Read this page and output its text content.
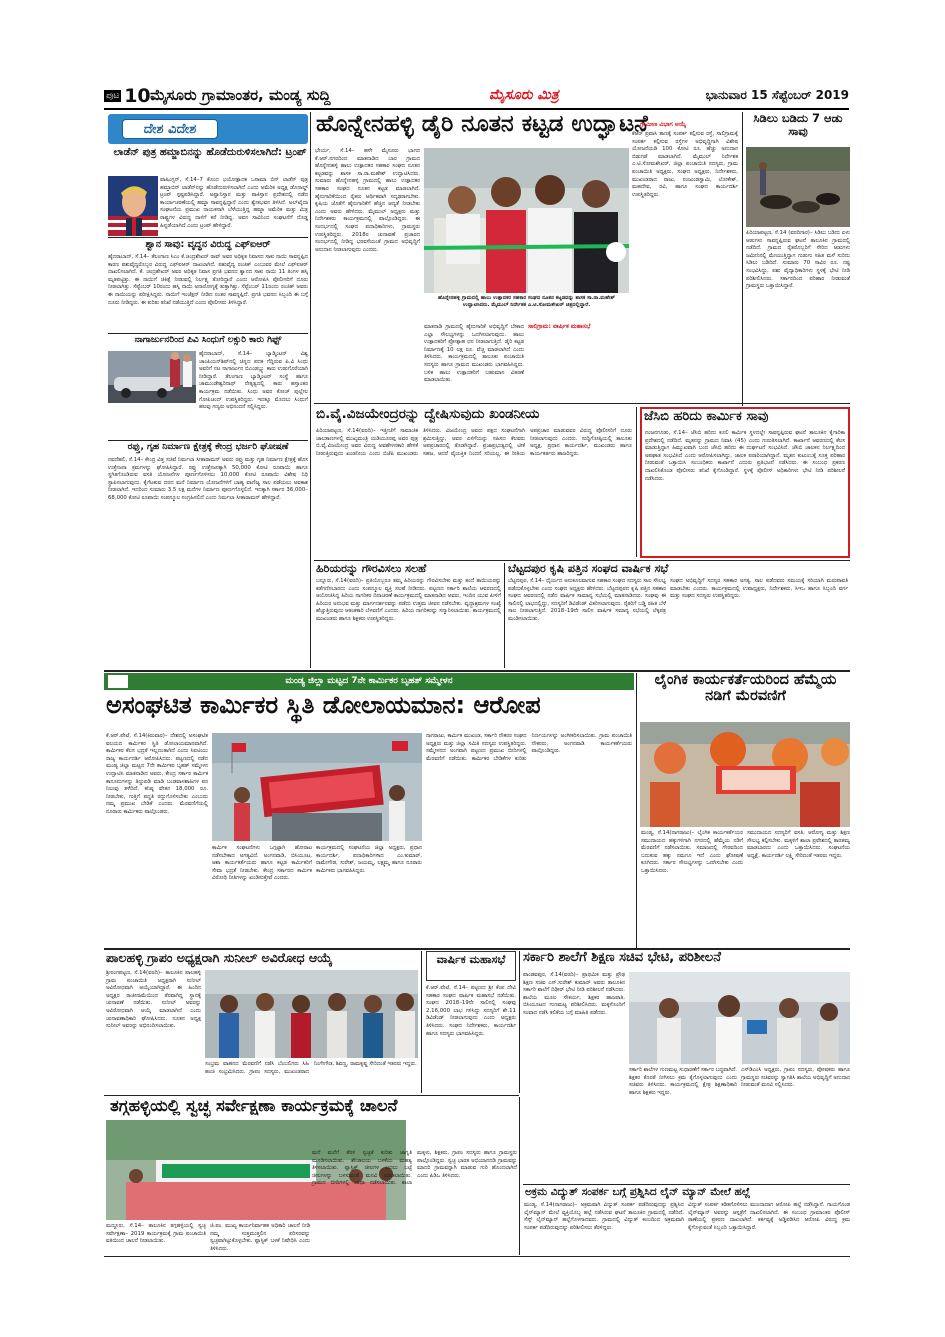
ಪುಟ 10 ಮೈಸೂರು ಗ್ರಾಮಾಂತರ, ಮಂಡ್ಯ ಸುದ್ದಿ	ಮೈಸೂರು ಮಿತ್ರ	ಭಾನುವಾರ 15 ಸೆಪ್ಟೆಂಬರ್ 2019
ದೇಶ ವಿದೇಶ
ಲಾಡೆನ್ ಪುತ್ರ ಹಮ್ಜಾಬಿನನ್ನು ಹೊಡೆದುರುಳಿಸಲಾಗಿದೆ: ಟ್ರಂಪ್
ವಾಷಿಂಗ್ಟನ್, ಸೆ.14–7 ಕೊಂದ ಭಯೋತ್ಪಾದಕ ಒಸಾಮಾ ಬಿನ್ ಲಾಡೆನ್ ಪುತ್ರ ಹಮ್ಜಾಬಿನ್ ಲಾಡೆನ್‌ನನ್ನು ಹೊಡೆದುರುಳಿಸಲಾಗಿದೆ ಎಂದು ಅಮೆರಿಕ ಅಧ್ಯಕ್ಷ ಡೊನಾಲ್ಡ್ ಟ್ರಂಪ್ ಸ್ಪಷ್ಟಪಡಿಸಿದ್ದಾರೆ. ಅಫ್ಘಾನಿಸ್ತಾನ ಮತ್ತು ಪಾಕಿಸ್ತಾನ ಪ್ರದೇಶದಲ್ಲಿ ನಡೆದ ಕಾರ್ಯಾಚರಣೆಯಲ್ಲಿ ಹಮ್ಜಾ ಸಾವನ್ನಪ್ಪಿದ್ದಾನೆ ಎಂದು ಶ್ವೇತಭವನ ತಿಳಿಸಿದೆ. ಅಲ್‌ಖೈದಾ ಸಂಘಟನೆಯ ಪ್ರಮುಖ ನಾಯಕನಾಗಿ ಬೆಳೆಯುತ್ತಿದ್ದ ಹಮ್ಜಾ ಅಮೆರಿಕ ಮತ್ತು ಮಿತ್ರ ರಾಷ್ಟ್ರಗಳ ವಿರುದ್ಧ ದಾಳಿಗೆ ಕರೆ ನೀಡಿದ್ದ. ಅವನ ಸಾವಿನಿಂದ ಸಂಘಟನೆಗೆ ದೊಡ್ಡ ಹಿನ್ನಡೆಯಾಗಿದೆ ಎಂದು ಟ್ರಂಪ್ ಹೇಳಿದ್ದಾರೆ.
ಶ್ವಾನ ಸಾವು: ವೃದ್ಧನ ವಿರುದ್ಧ ಎಫ್ಐಆರ್
ಹೈದರಾಬಾದ್, ಸೆ.14– ತೆಲಂಗಾಣ ಸಿಎಂ ಕೆ.ಚಂದ್ರಶೇಖರ್ ರಾವ್ ಅವರ ಅಧಿಕೃತ ನಿವಾಸದ ಸಾಕು ನಾಯಿ ಸಾವನ್ನಪ್ಪಿದ ಕಾರಣ ಪಶುವೈದ್ಯರೊಬ್ಬರ ವಿರುದ್ಧ ಎಫ್ಐಆರ್ ದಾಖಲಾಗಿದೆ. ಪಶುವೈದ್ಯ ರಂಜಿತ್ ಎಂಬುವರ ಮೇಲೆ ಎಫ್ಐಆರ್ ದಾಖಲಿಸಲಾಗಿದೆ. ಕೆ. ಚಂದ್ರಶೇಖರ್ ಅವರ ಅಧಿಕೃತ ನಿವಾಸ ಪ್ರಗತಿ ಭವನದ ಶ್ವಾನದ ಸಾಕು ನಾಯಿ 11 ತಿಂಗಳ ಹಸ್ಕಿ ಮೃತಪಟ್ಟಿತ್ತು. ಈ ನಾಯಿಗೆ ಚಿಕಿತ್ಸೆ ನೀಡುವಲ್ಲಿ ನಿರ್ಲಕ್ಷ್ಯ ತೋರಿದ್ದಾರೆ ಎಂದು ಆರೋಪಿಸಿ ಪೊಲೀಸರಿಗೆ ದೂರು ನೀಡಲಾಗಿತ್ತು. ಸೆಪ್ಟೆಂಬರ್ 10ರಂದು ಹಸ್ಕಿ ನಾಯಿ ಅನಾರೋಗ್ಯಕ್ಕೆ ತುತ್ತಾಗಿತ್ತು. ಸೆಪ್ಟೆಂಬರ್ 11ರಂದು ರಂಜಿತ್ ಅವರು ಈ ನಾಯಿಯನ್ನು ಪರೀಕ್ಷಿಸಿದ್ದರು. ನಾಯಿಗೆ ಇಂಜೆಕ್ಷನ್ ನೀಡಿದ ನಂತರ ಸಾವನ್ನಪ್ಪಿದೆ. ಪ್ರಗತಿ ಭವನದ ಸಿಬ್ಬಂದಿ ಈ ಬಗ್ಗೆ ದೂರು ನೀಡಿದ್ದರು. ಈ ಕುರಿತು ತನಿಖೆ ನಡೆಯುತ್ತಿದೆ ಎಂದು ಪೊಲೀಸರು ತಿಳಿಸಿದ್ದಾರೆ.
ನಾಗಾರ್ಜುನರಿಂದ ಪಿವಿ ಸಿಂಧುಗೆ ಲಕ್ಸುರಿ ಕಾರು ಗಿಫ್ಟ್
ಹೈದರಾಬಾದ್, ಸೆ.14– ಬ್ಯಾಡ್ಮಿಂಟನ್ ವಿಶ್ವ ಚಾಂಪಿಯನ್‌ಶಿಪ್‌ನಲ್ಲಿ ಚಿನ್ನದ ಪದಕ ಗೆದ್ದಿರುವ ಪಿ.ವಿ ಸಿಂಧು ಅವರಿಗೆ ನಟ ನಾಗಾರ್ಜುನ ಬಿಎಂಡಬ್ಲ್ಯು ಕಾರು ಉಡುಗೊರೆಯಾಗಿ ನೀಡಿದ್ದಾರೆ. ತೆಲಂಗಾಣ ಬ್ಯಾಡ್ಮಿಂಟನ್ ಸಂಸ್ಥೆ ಹಾಗೂ ಚಾಮುಂಡೇಶ್ವರಿನಾಥ್ ನೇತೃತ್ವದಲ್ಲಿ ಕಾರು ಹಸ್ತಾಂತರ ಕಾರ್ಯಕ್ರಮ ನಡೆಯಿತು. ಸಿಂಧು ಅವರ ಕೋಚ್ ಪುಲ್ಲೇಲ ಗೋಪಿಚಂದ್ ಉಪಸ್ಥಿತರಿದ್ದರು. ಇದಕ್ಕೂ ಮೊದಲು ಸಿಂಧುಗೆ ಹಲವು ಗಣ್ಯರು ಅಭಿನಂದನೆ ಸಲ್ಲಿಸಿದ್ದರು.
ರಫ್ತು, ಗೃಹ ನಿರ್ಮಾಣ ಕ್ಷೇತ್ರಕ್ಕೆ ಕೇಂದ್ರ ಭರ್ಜರಿ ಘೋಷಣೆ
ನವದೆಹಲಿ, ಸೆ.14– ಕೇಂದ್ರ ವಿತ್ತ ಸಚಿವೆ ನಿರ್ಮಲಾ ಸೀತಾರಾಮನ್ ಅವರು ರಫ್ತು ಮತ್ತು ಗೃಹ ನಿರ್ಮಾಣ ಕ್ಷೇತ್ರಕ್ಕೆ ಹೊಸ ಉತ್ತೇಜನಾ ಕ್ರಮಗಳನ್ನು ಘೋಷಿಸಿದ್ದಾರೆ. ರಫ್ತು ಉತ್ತೇಜನಕ್ಕಾಗಿ 50,000 ಕೋಟಿ ರೂಪಾಯಿ ಹಾಗೂ ಸ್ಥಗಿತಗೊಂಡಿರುವ ವಸತಿ ಯೋಜನೆಗಳ ಪೂರ್ಣಗೊಳಿಸಲು 10,000 ಕೋಟಿ ರೂಪಾಯಿ ವಿಶೇಷ ನಿಧಿ ಸ್ಥಾಪಿಸಲಾಗುವುದು. ಕೈಗೆಟಕುವ ದರದ ಮನೆ ನಿರ್ಮಾಣ ಯೋಜನೆಗಳಿಗೆ ಬಾಹ್ಯ ವಾಣಿಜ್ಯ ಸಾಲ ಪಡೆಯಲು ಅವಕಾಶ ನೀಡಲಾಗಿದೆ. ಇದರಿಂದ ಸುಮಾರು 3.5 ಲಕ್ಷ ಮನೆಗಳ ನಿರ್ಮಾಣ ಪೂರ್ಣಗೊಳ್ಳಲಿದೆ. ಇದಕ್ಕಾಗಿ ಸರ್ಕಾರ 36,000–68,000 ಕೋಟಿ ರೂಪಾಯಿ ಸಂಪನ್ಮೂಲ ಸಂಗ್ರಹಿಸಲಿದೆ ಎಂದು ನಿರ್ಮಲಾ ಸೀತಾರಾಮನ್ ಹೇಳಿದ್ದಾರೆ.
ಹೊನ್ನೇನಹಳ್ಳಿ ಡೈರಿ ನೂತನ ಕಟ್ಟಡ ಉದ್ಘಾಟನೆ
ಭೇರ್ಯ, ಸೆ.14– ಹಳೇ ಮೈಸೂರು ಭಾಗದ ಕೆ.ಆರ್.ನಗರದಿಂದ ಮಾತನಾಡಿದ ಬಾರ ಗ್ರಾಮದ ಹೊನ್ನೇನಹಳ್ಳಿ ಹಾಲು ಉತ್ಪಾದಕರ ಸಹಕಾರ ಸಂಘದ ನೂತನ ಕಟ್ಟಡವನ್ನು ಶಾಸಕ ಸಾ.ರಾ.ಮಹೇಶ್ ಉದ್ಘಾಟಿಸಿದರು. ಸುಮಾರು ಹೊನ್ನೇನಹಳ್ಳಿ ಗ್ರಾಮದಲ್ಲಿ ಹಾಲು ಉತ್ಪಾದಕರ ಸಹಕಾರ ಸಂಘದ ನೂತನ ಕಟ್ಟಡ ಮಾಡಲಾಗಿದೆ. ಹೈನುಗಾರಿಕೆಯಿಂದ ರೈತರು ಆರ್ಥಿಕವಾಗಿ ಸದೃಢರಾಗಬೇಕು. ಕೃಷಿಯ ಜೊತೆಗೆ ಹೈನುಗಾರಿಕೆಗೆ ಹೆಚ್ಚಿನ ಆದ್ಯತೆ ನೀಡಬೇಕು ಎಂದು ಅವರು ಹೇಳಿದರು. ಮೈಮುಲ್ ಅಧ್ಯಕ್ಷರು ಮತ್ತು ನಿರ್ದೇಶಕರು ಕಾರ್ಯಕ್ರಮದಲ್ಲಿ ಪಾಲ್ಗೊಂಡಿದ್ದರು. ಈ ಸಂದರ್ಭದಲ್ಲಿ ಸಂಘದ ಪದಾಧಿಕಾರಿಗಳು, ಗ್ರಾಮಸ್ಥರು ಉಪಸ್ಥಿತರಿದ್ದರು. 2018ರ ಚುನಾವಣೆ ಪ್ರಚಾರದ ಸಂದರ್ಭದಲ್ಲಿ ನೀಡಿದ್ದ ಭರವಸೆಯಂತೆ ಗ್ರಾಮದ ಅಭಿವೃದ್ಧಿಗೆ ಅನುದಾನ ನೀಡಲಾಗುವುದು ಎಂದರು.
ಹೊನ್ನೇನಹಳ್ಳಿ ಗ್ರಾಮದಲ್ಲಿ ಹಾಲು ಉತ್ಪಾದಕರ ಸಹಕಾರ ಸಂಘದ ನೂತನ ಕಟ್ಟಡವನ್ನು ಶಾಸಕ ಸಾ.ರಾ.ಮಹೇಶ್ ಉದ್ಘಾಟಿಸಿದರು. ಮೈಮುಲ್ ನಿರ್ದೇಶಕ ಎ.ಟಿ.ಸೋಮಶೇಖರ್ ಚಿತ್ರದಲ್ಲಿದ್ದಾರೆ.
ಮಾತನಾಡಿ ಗ್ರಾಮದಲ್ಲಿ ಹೈನುಗಾರಿಕೆ ಅಭಿವೃದ್ಧಿಗೆ ಬೇಕಾದ ಎಲ್ಲಾ ಸೌಲಭ್ಯಗಳನ್ನು ಒದಗಿಸಲಾಗುವುದು. ಹಾಲು ಉತ್ಪಾದಕರಿಗೆ ಪ್ರೋತ್ಸಾಹ ಧನ ನೀಡಲಾಗುತ್ತಿದೆ. ಡೈರಿ ಕಟ್ಟಡ ನಿರ್ಮಾಣಕ್ಕೆ 10 ಲಕ್ಷ ರೂ. ವೆಚ್ಚ ಮಾಡಲಾಗಿದೆ ಎಂದು ತಿಳಿಸಿದರು. ಕಾರ್ಯಕ್ರಮದಲ್ಲಿ ತಾಲೂಕು ಪಂಚಾಯಿತಿ ಸದಸ್ಯರು ಹಾಗೂ ಗ್ರಾಮದ ಮುಖಂಡರು ಭಾಗವಹಿಸಿದ್ದರು. ಬಳಿಕ ಹಾಲು ಉತ್ಪಾದಕರಿಗೆ ಬಹುಮಾನ ವಿತರಣೆ ಮಾಡಲಾಯಿತು.
ಸಾಲಿಗ್ರಾಮ: ವಾರ್ಷಿಕ ಮಹಾಸಭೆ
ಗ್ರಾಮೀಣ ವಿಭಾಗ ಆಯ್ಕೆ
ಕೆಆರ್ ಪ್ರವಾಸಿ ತಾಣಕ್ಕೆ ಸಂಪರ್ಕ ಕಲ್ಪಿಸುವ ರಸ್ತೆ, ಸಾಲಿಗ್ರಾಮಕ್ಕೆ ಸಂಪರ್ಕ ಕಲ್ಪಿಸುವ ರಸ್ತೆಗಳ ಅಭಿವೃದ್ಧಿಗಾಗಿ ವಿಶೇಷ ಯೋಜನೆಯಡಿ 100 ಕೋಟಿ ರೂ. ಹೆಚ್ಚು ಅನುದಾನ ಬಿಡುಗಡೆ ಮಾಡಲಾಗಿದೆ. ಮೈಮುಲ್ ನಿರ್ದೇಶಕ ಎ.ಟಿ.ಸೋಮಶೇಖರ್, ಜಿಲ್ಲಾ ಪಂಚಾಯಿತಿ ಸದಸ್ಯರು, ಗ್ರಾಮ ಪಂಚಾಯಿತಿ ಅಧ್ಯಕ್ಷರು, ಸಂಘದ ಅಧ್ಯಕ್ಷರು, ನಿರ್ದೇಶಕರು, ಮುಖಂಡರಾದ ರಾಜು, ನಂಜುಂಡಸ್ವಾಮಿ, ಲೋಕೇಶ್, ಮಹದೇವ, ರವಿ, ಹಾಗೂ ಸಂಘದ ಕಾರ್ಯದರ್ಶಿ ಉಪಸ್ಥಿತರಿದ್ದರು.
ಸಿಡಿಲು ಬಡಿದು 7 ಆಡು ಸಾವು
ಪಿರಿಯಾಪಟ್ಟಣ, ಸೆ.14 (ವರದಿಗಾರ)– ಸಿಡಿಲು ಬಡಿದು ಏಳು ಆಡುಗಳು ಸಾವನ್ನಪ್ಪಿರುವ ಘಟನೆ ತಾಲೂಕಿನ ಗ್ರಾಮದಲ್ಲಿ ನಡೆದಿದೆ. ಗ್ರಾಮದ ರೈತರೊಬ್ಬರಿಗೆ ಸೇರಿದ ಆಡುಗಳು ಜಮೀನಿನಲ್ಲಿ ಮೇಯುತ್ತಿದ್ದಾಗ ಗುಡುಗು ಸಹಿತ ಮಳೆ ಸುರಿದು ಸಿಡಿಲು ಬಡಿದಿದೆ. ಸುಮಾರು 70 ಸಾವಿರ ರೂ. ನಷ್ಟ ಸಂಭವಿಸಿದ್ದು, ಪಶು ವೈದ್ಯಾಧಿಕಾರಿಗಳು ಸ್ಥಳಕ್ಕೆ ಭೇಟಿ ನೀಡಿ ಪರಿಶೀಲಿಸಿದರು. ಸರ್ಕಾರದಿಂದ ಪರಿಹಾರ ನೀಡುವಂತೆ ಗ್ರಾಮಸ್ಥರು ಒತ್ತಾಯಿಸಿದ್ದಾರೆ.
ಬಿ.ವೈ.ವಿಜಯೇಂದ್ರರನ್ನು ದ್ವೇಷಿಸುವುದು ಖಂಡನೀಯ
ಪಿರಿಯಾಪಟ್ಟಣ, ಸೆ.14(ವರದಿ)– ಇತ್ತೀಚೆಗೆ ಸಾಮಾಜಿಕ ಜಾಲತಾಣಗಳಲ್ಲಿ ಮುಖ್ಯಮಂತ್ರಿ ಯಡಿಯೂರಪ್ಪ ಅವರ ಪುತ್ರ ಬಿ.ವೈ.ವಿಜಯೇಂದ್ರ ಅವರ ವಿರುದ್ಧ ಅವಹೇಳನಕಾರಿ ಹೇಳಿಕೆ ನೀಡುತ್ತಿರುವುದು ಖಂಡನೀಯ ಎಂದು ಬಿಜೆಪಿ ಮುಖಂಡರು ತಿಳಿಸಿದರು. ವಿಜಯೇಂದ್ರ ಅವರು ಪಕ್ಷದ ಸಂಘಟನೆಗಾಗಿ ಶ್ರಮಿಸುತ್ತಿದ್ದು, ಅವರ ಏಳಿಗೆಯನ್ನು ಸಹಿಸದ ಕೆಲವರು ಅಪಪ್ರಚಾರದಲ್ಲಿ ತೊಡಗಿದ್ದಾರೆ. ಪ್ರಜಾಪ್ರಭುತ್ವದಲ್ಲಿ ಟೀಕೆ ಸಹಜ, ಆದರೆ ವೈಯಕ್ತಿಕ ನಿಂದನೆ ಸರಿಯಲ್ಲ. ಈ ರೀತಿಯ ಅಪಪ್ರಚಾರ ಮಾಡುವವರ ವಿರುದ್ಧ ಪೊಲೀಸರಿಗೆ ದೂರು ನೀಡಲಾಗುವುದು ಎಂದರು. ಸುದ್ದಿಗೋಷ್ಠಿಯಲ್ಲಿ ತಾಲೂಕು ಅಧ್ಯಕ್ಷ, ಪ್ರಧಾನ ಕಾರ್ಯದರ್ಶಿ, ಮುಖಂಡರು ಹಾಗೂ ಕಾರ್ಯಕರ್ತರು ಹಾಜರಿದ್ದರು.
ಜೆಸಿಬಿ ಹರಿದು ಕಾರ್ಮಿಕ ಸಾವು
ನಂಜನಗೂಡು, ಸೆ.14– ಜೆಸಿಬಿ ಹರಿದು ಕೂಲಿ ಕಾರ್ಮಿಕ ಸ್ಥಳದಲ್ಲೇ ಸಾವನ್ನಪ್ಪಿರುವ ಘಟನೆ ತಾಲೂಕಿನ ಕೈಗಾರಿಕಾ ಪ್ರದೇಶದಲ್ಲಿ ನಡೆದಿದೆ. ಮೃತನನ್ನು ಗ್ರಾಮದ ನಿವಾಸಿ (45) ಎಂದು ಗುರುತಿಸಲಾಗಿದೆ. ಕಾರ್ಖಾನೆ ಆವರಣದಲ್ಲಿ ಕೆಲಸ ಮಾಡುತ್ತಿದ್ದಾಗ ಹಿಮ್ಮುಖವಾಗಿ ಬಂದ ಜೆಸಿಬಿ ಹರಿದು ಈ ದುರ್ಘಟನೆ ಸಂಭವಿಸಿದೆ. ಜೆಸಿಬಿ ಚಾಲಕನ ನಿರ್ಲಕ್ಷ್ಯದಿಂದ ಅಪಘಾತ ಸಂಭವಿಸಿದೆ ಎಂದು ಆರೋಪಿಸಲಾಗಿದ್ದು, ಚಾಲಕ ಪರಾರಿಯಾಗಿದ್ದಾನೆ. ಮೃತನ ಕುಟುಂಬಕ್ಕೆ ಸೂಕ್ತ ಪರಿಹಾರ ನೀಡುವಂತೆ ಒತ್ತಾಯಿಸಿ ಸಂಬಂಧಿಕರು ಕಾರ್ಖಾನೆ ಎದುರು ಪ್ರತಿಭಟನೆ ನಡೆಸಿದರು. ಈ ಸಂಬಂಧ ಪ್ರಕರಣ ದಾಖಲಿಸಿಕೊಂಡ ಪೊಲೀಸರು ತನಿಖೆ ಕೈಗೊಂಡಿದ್ದಾರೆ. ಸ್ಥಳಕ್ಕೆ ಪೊಲೀಸ್ ಅಧಿಕಾರಿಗಳು ಭೇಟಿ ನೀಡಿ ಪರಿಶೀಲನೆ ನಡೆಸಿದರು.
ಹಿರಿಯರನ್ನು ಗೌರವಿಸಲು ಸಲಹೆ
ಬನ್ನೂರು, ಸೆ.14(ವರದಿ)– ಪ್ರತಿಯೊಬ್ಬರೂ ತಮ್ಮ ಹಿರಿಯರನ್ನು ಗೌರವಿಸಬೇಕು ಮತ್ತು ತಂದೆ ತಾಯಿಯರನ್ನು ಕಡೆಗಣಿಸಬಾರದು ಎಂದು ಸಂಪನ್ಮೂಲ ವ್ಯಕ್ತಿ ಸಲಹೆ ನೀಡಿದರು. ಪಟ್ಟಣದ ಸರ್ಕಾರಿ ಶಾಲೆಯ ಆವರಣದಲ್ಲಿ ಆಯೋಜಿಸಿದ್ದ ಹಿರಿಯ ನಾಗರಿಕರ ದಿನಾಚರಣೆ ಕಾರ್ಯಕ್ರಮದಲ್ಲಿ ಮಾತನಾಡಿದ ಅವರು, ಇಂದಿನ ಯುವ ಪೀಳಿಗೆ ಹಿರಿಯರ ಅನುಭವ ಮತ್ತು ಮಾರ್ಗದರ್ಶನವನ್ನು ಪಡೆದು ಉತ್ತಮ ಜೀವನ ನಡೆಸಬೇಕು. ವೃದ್ಧಾಶ್ರಮಗಳ ಸಂಖ್ಯೆ ಹೆಚ್ಚುತ್ತಿರುವುದು ಆತಂಕಕಾರಿ ಬೆಳವಣಿಗೆ ಎಂದರು. ಹಿರಿಯ ನಾಗರಿಕರನ್ನು ಸನ್ಮಾನಿಸಲಾಯಿತು. ಕಾರ್ಯಕ್ರಮದಲ್ಲಿ ಮುಖಂಡರು ಹಾಗೂ ಶಿಕ್ಷಕರು ಉಪಸ್ಥಿತರಿದ್ದರು.
ಬೆಟ್ಟದಪುರ ಕೃಷಿ ಪತ್ತಿನ ಸಂಘದ ವಾರ್ಷಿಕ ಸಭೆ
ಬೆಟ್ಟದಪುರ, ಸೆ.14– ಧೈರ್ಯದ ಅನುಕೂಲವಾಗುವ ಸಹಕಾರ ಸಂಘದ ಸದಸ್ಯರು ಸಾಲ ಸೌಲಭ್ಯ ಪಡೆದುಕೊಳ್ಳಬೇಕು ಎಂದು ಸಂಘದ ಅಧ್ಯಕ್ಷರು ಹೇಳಿದರು. ಬೆಟ್ಟದಪುರದ ಕೃಷಿ ಪತ್ತಿನ ಸಹಕಾರ ಸಂಘದ ಆವರಣದಲ್ಲಿ ನಡೆದ ವಾರ್ಷಿಕ ಸಾಮಾನ್ಯ ಸಭೆಯಲ್ಲಿ ಮಾತನಾಡಿದರು. ಸಂಘವು ಈ ಸಾಲಿನಲ್ಲಿ ಲಾಭದಲ್ಲಿದ್ದು, ಸದಸ್ಯರಿಗೆ ಡಿವಿಡೆಂಡ್ ವಿತರಿಸಲಾಗುವುದು. ರೈತರಿಗೆ ಬಡ್ಡಿ ರಹಿತ ಬೆಳೆ ಸಾಲ ನೀಡಲಾಗುತ್ತಿದೆ. 2018–19ನೇ ಸಾಲಿನ ವಾರ್ಷಿಕ ಸಮಾನ್ಯ ಸಭೆಯಲ್ಲಿ ಲೆಕ್ಕಪತ್ರ ಮಂಡಿಸಲಾಯಿತು.
ಸಂಘದ ಅಭಿವೃದ್ಧಿಗೆ ಸದಸ್ಯರ ಸಹಕಾರ ಅಗತ್ಯ. ಸಾಲ ಪಡೆದವರು ಸಮಯಕ್ಕೆ ಸರಿಯಾಗಿ ಮರುಪಾವತಿ ಮಾಡಬೇಕು ಎಂದರು. ಕಾರ್ಯಕ್ರಮದಲ್ಲಿ ಉಪಾಧ್ಯಕ್ಷರು, ನಿರ್ದೇಶಕರು, ಸಿಇಒ ಹಾಗೂ ಸಿಬ್ಬಂದಿ ವರ್ಗ ಮತ್ತು ಸಂಘದ ಸದಸ್ಯರು ಉಪಸ್ಥಿತರಿದ್ದರು.
ಮಂಡ್ಯ ಜಿಲ್ಲಾ ಮಟ್ಟದ 7ನೇ ಕಾರ್ಮಿಕರ ಬೃಹತ್ ಸಮ್ಮೇಳನ
ಅಸಂಘಟಿತ ಕಾರ್ಮಿಕರ ಸ್ಥಿತಿ ಡೋಲಾಯಮಾನ: ಆರೋಪ
ಕೆ.ಆರ್.ಪೇಟೆ, ಸೆ.14(ಕಿರುವಾರ)– ದೇಶದಲ್ಲಿ ಅಸಂಘಟಿತ ವಲಯದ ಕಾರ್ಮಿಕರ ಸ್ಥಿತಿ ಡೋಲಾಯಮಾನವಾಗಿದೆ. ಕಾರ್ಮಿಕರ ಕೆಲಸ ಭದ್ರತೆ ಇಲ್ಲದಂತಾಗಿದೆ ಎಂದು ಸಿಐಟಿಯು ರಾಜ್ಯ ಕಾರ್ಯದರ್ಶಿ ಆರೋಪಿಸಿದರು. ಪಟ್ಟಣದಲ್ಲಿ ನಡೆದ ಮಂಡ್ಯ ಜಿಲ್ಲಾ ಮಟ್ಟದ 7ನೇ ಕಾರ್ಮಿಕರ ಬೃಹತ್ ಸಮ್ಮೇಳನ ಉದ್ಘಾಟಿಸಿ ಮಾತನಾಡಿದ ಅವರು, ಕೇಂದ್ರ ಸರ್ಕಾರ ಕಾರ್ಮಿಕ ಕಾನೂನುಗಳನ್ನು ತಿದ್ದುಪಡಿ ಮಾಡಿ ಬಂಡವಾಳಶಾಹಿಗಳ ಪರ ನಿಲುವು ತಳೆದಿದೆ. ಕನಿಷ್ಠ ವೇತನ 18,000 ರೂ. ನೀಡಬೇಕು, ಗುತ್ತಿಗೆ ಪದ್ಧತಿ ರದ್ದುಗೊಳಿಸಬೇಕು ಎಂಬುದು ನಮ್ಮ ಪ್ರಮುಖ ಬೇಡಿಕೆ ಎಂದರು. ಮೆರವಣಿಗೆಯಲ್ಲಿ ನೂರಾರು ಕಾರ್ಮಿಕರು ಪಾಲ್ಗೊಂಡರು.
ಕಾರ್ಮಿಕ ಸಂಘಟನೆಗಳು ಒಗ್ಗಟ್ಟಾಗಿ ಹೋರಾಟ ನಡೆಸಬೇಕಾದ ಅಗತ್ಯವಿದೆ. ಅಂಗನವಾಡಿ, ಬಿಸಿಯೂಟ, ಆಶಾ ಕಾರ್ಯಕರ್ತೆಯರು ಹಾಗೂ ಕಟ್ಟಡ ಕಾರ್ಮಿಕರಿಗೆ ಸೇವಾ ಭದ್ರತೆ ನೀಡಬೇಕು. ಕೇಂದ್ರ ಸರ್ಕಾರದ ಕಾರ್ಮಿಕ ವಿರೋಧಿ ನೀತಿಗಳನ್ನು ಖಂಡಿಸುತ್ತೇವೆ ಎಂದರು.
ಕಾರ್ಯಕ್ರಮದಲ್ಲಿ ಸಂಘಟನೆಯ ಜಿಲ್ಲಾ ಅಧ್ಯಕ್ಷರು, ಪ್ರಧಾನ ಕಾರ್ಯದರ್ಶಿ, ಪದಾಧಿಕಾರಿಗಳಾದ ಎಂ.ಕುಮಾರ್, ರಾಮೇಗೌಡ, ಸುರೇಶ್, ಜಯಮ್ಮ, ಲಕ್ಷ್ಮಮ್ಮ ಹಾಗೂ ನೂರಾರು ಕಾರ್ಮಿಕರು ಭಾಗವಹಿಸಿದ್ದರು.
ನಾಗರಾಜು, ಕಾರ್ಮಿಕ ಮುಖಂಡ, ಸರ್ಕಾರಿ ನೌಕರರ ಸಂಘದ ಅಧ್ಯಕ್ಷರು ಮತ್ತು ಜಿಲ್ಲಾ ಸಮಿತಿ ಸದಸ್ಯರು ಉಪಸ್ಥಿತರಿದ್ದರು. ಸಮ್ಮೇಳನದ ಅಂಗವಾಗಿ ಪಟ್ಟಣದ ಪ್ರಮುಖ ಬೀದಿಗಳಲ್ಲಿ ಮೆರವಣಿಗೆ ನಡೆಯಿತು. ಕಾರ್ಮಿಕರ ಬೇಡಿಕೆಗಳ ಕುರಿತು ನಿರ್ಣಯಗಳನ್ನು ಅಂಗೀಕರಿಸಲಾಯಿತು. ಗ್ರಾಮ ಪಂಚಾಯಿತಿ ನೌಕರರು, ಅಂಗನವಾಡಿ ಕಾರ್ಯಕರ್ತೆಯರು ಪಾಲ್ಗೊಂಡಿದ್ದರು.
ಲೈಂಗಿಕ ಕಾರ್ಯಕರ್ತೆಯರಿಂದ ಹೆಮ್ಮೆಯ ನಡಿಗೆ ಮೆರವಣಿಗೆ
ಮಂಡ್ಯ, ಸೆ.14(ನಾಗರಾಜು)– ಲೈಂಗಿಕ ಕಾರ್ಯಕರ್ತೆಯರ ಸಮುದಾಯದ ಹಕ್ಕುಗಳಿಗಾಗಿ ನಗರದಲ್ಲಿ ಹೆಮ್ಮೆಯ ನಡಿಗೆ ಮೆರವಣಿಗೆ ನಡೆಸಲಾಯಿತು. ಸಮಾಜದಲ್ಲಿ ಗೌರವದಿಂದ ಬದುಕುವ ಹಕ್ಕು ನಮಗೂ ಇದೆ ಎಂದು ಘೋಷಣೆ ಕೂಗಿದರು. ಸರ್ಕಾರ ಸೌಲಭ್ಯಗಳನ್ನು ಒದಗಿಸಬೇಕು ಎಂದು ಒತ್ತಾಯಿಸಿದರು.
ಸಮುದಾಯದ ಸದಸ್ಯರಿಗೆ ವಸತಿ, ಆರೋಗ್ಯ ಮತ್ತು ಶಿಕ್ಷಣ ಸೌಲಭ್ಯ ಕಲ್ಪಿಸಬೇಕು. ಮಕ್ಕಳಿಗೆ ಶಾಲಾ ಪ್ರವೇಶದಲ್ಲಿ ತಾರತಮ್ಯ ಮಾಡಬಾರದು ಎಂದು ಒತ್ತಾಯಿಸಿದರು. ಸಂಘಟನೆಯ ಅಧ್ಯಕ್ಷೆ, ಕಾರ್ಯದರ್ಶಿ ಲಕ್ಷ್ಮಿ ಸೇರಿದಂತೆ ಇತರರು ಇದ್ದರು.
ಪಾಲಹಳ್ಳಿ ಗ್ರಾಪಂ ಅಧ್ಯಕ್ಷರಾಗಿ ಸುನೀಲ್ ಅವಿರೋಧ ಆಯ್ಕೆ
ಶ್ರೀರಂಗಪಟ್ಟಣ, ಸೆ.14(ವರದಿ)– ತಾಲೂಕಿನ ಪಾಲಹಳ್ಳಿ ಗ್ರಾಮ ಪಂಚಾಯಿತಿ ಅಧ್ಯಕ್ಷರಾಗಿ ಸುನೀಲ್ ಅವಿರೋಧವಾಗಿ ಆಯ್ಕೆಯಾಗಿದ್ದಾರೆ. ಈ ಹಿಂದಿನ ಅಧ್ಯಕ್ಷರ ರಾಜೀನಾಮೆಯಿಂದ ತೆರವಾಗಿದ್ದ ಸ್ಥಾನಕ್ಕೆ ಚುನಾವಣೆ ನಡೆಯಿತು. ಸುನೀಲ್ ಅವರನ್ನು ಅವಿರೋಧವಾಗಿ ಆಯ್ಕೆ ಮಾಡಲಾಗಿದೆ ಎಂದು ಚುನಾವಣಾಧಿಕಾರಿ ಘೋಷಿಸಿದರು. ನೂತನ ಅಧ್ಯಕ್ಷ ಸುನೀಲ್ ಅವರನ್ನು ಅಭಿನಂದಿಸಲಾಯಿತು.
ಸಂಭ್ರಮ ವಾಹನದ ಮೆರವಣಿಗೆ ನಡೆಸಿ ಬೆಂಬಲಿಗರು ಸಿಹಿ ಹಂಚಿ ಸಂಭ್ರಮಿಸಿದರು. ಗ್ರಾಪಂ ಸದಸ್ಯರು, ಮುಖಂಡರಾದ ನಿಂಗೇಗೌಡ, ಶಿವಣ್ಣ, ರಾಮಕೃಷ್ಣ ಸೇರಿದಂತೆ ಇತರರು ಇದ್ದರು.
ವಾರ್ಷಿಕ ಮಹಾಸಭೆ
ಕೆ.ಆರ್.ಪೇಟೆ, ಸೆ.14– ಪಟ್ಟಣದ ಶ್ರೀ ಕೆಂಪ ದೇವಿ ಸಹಕಾರ ಸಂಘದ ವಾರ್ಷಿಕ ಮಹಾಸಭೆ ನಡೆಯಿತು. ಸಂಘದ 2018–19ನೇ ಸಾಲಿನಲ್ಲಿ ಸಂಘವು 2,16,000 ಲಾಭ ಗಳಿಸಿದ್ದು ಸದಸ್ಯರಿಗೆ ಶೇ.11 ಡಿವಿಡೆಂಡ್ ನೀಡಲಾಗುವುದು ಎಂದು ಅಧ್ಯಕ್ಷರು ತಿಳಿಸಿದರು. ಸಂಘದ ನಿರ್ದೇಶಕರು, ಕಾರ್ಯದರ್ಶಿ ಹಾಗೂ ಸದಸ್ಯರು ಭಾಗವಹಿಸಿದ್ದರು.
ಸರ್ಕಾರಿ ಶಾಲೆಗೆ ಶಿಕ್ಷಣ ಸಚಿವ ಭೇಟಿ, ಪರಿಶೀಲನೆ
ಪಾಂಡವಪುರ, ಸೆ.14(ವರದಿ)– ಪ್ರಾಥಮಿಕ ಮತ್ತು ಪ್ರೌಢ ಶಿಕ್ಷಣ ಸಚಿವ ಎಸ್.ಸುರೇಶ್ ಕುಮಾರ್ ಅವರು ತಾಲೂಕಿನ ಸರ್ಕಾರಿ ಶಾಲೆಗೆ ದಿಢೀರ್ ಭೇಟಿ ನೀಡಿ ಪರಿಶೀಲನೆ ನಡೆಸಿದರು. ಶಾಲೆಯ ಮೂಲ ಸೌಕರ್ಯ, ಶಿಕ್ಷಕರ ಹಾಜರಾತಿ, ಬಿಸಿಯೂಟದ ಗುಣಮಟ್ಟ ಪರಿಶೀಲಿಸಿದರು. ಮಕ್ಕಳೊಂದಿಗೆ ಸಂವಾದ ನಡೆಸಿ ಕಲಿಕೆಯ ಬಗ್ಗೆ ಮಾಹಿತಿ ಪಡೆದರು.
ಸರ್ಕಾರಿ ಶಾಲೆಗಳ ಗುಣಮಟ್ಟ ಸುಧಾರಣೆಗೆ ಸರ್ಕಾರ ಬದ್ಧವಾಗಿದೆ. ಶಿಕ್ಷಕರ ಕೊರತೆ ನೀಗಿಸಲು ಕ್ರಮ ಕೈಗೊಳ್ಳಲಾಗುವುದು ಎಂದು ಸಚಿವರು ತಿಳಿಸಿದರು. ಕಾರ್ಯಕ್ರಮದಲ್ಲಿ ಕ್ಷೇತ್ರ ಶಿಕ್ಷಣಾಧಿಕಾರಿ ಹಾಗೂ ಶಿಕ್ಷಕರು ಇದ್ದರು.
ಎಸ್‌ಡಿಎಂಸಿ ಅಧ್ಯಕ್ಷರು, ಗ್ರಾಪಂ ಸದಸ್ಯರು, ಪೋಷಕರು ಹಾಗೂ ಗ್ರಾಮಸ್ಥರು ಸಚಿವರನ್ನು ಸ್ವಾಗತಿಸಿ ಶಾಲೆಯ ಅಭಿವೃದ್ಧಿಗೆ ಅನುದಾನ ನೀಡುವಂತೆ ಮನವಿ ಸಲ್ಲಿಸಿದರು.
ತಗ್ಗಹಳ್ಳಿಯಲ್ಲಿ ಸ್ವಚ್ಛ ಸರ್ವೇಕ್ಷಣಾ ಕಾರ್ಯಕ್ರಮಕ್ಕೆ ಚಾಲನೆ
ಮದ್ದೂರು, ಸೆ.14– ತಾಲೂಕಿನ ತಗ್ಗಹಳ್ಳಿಯಲ್ಲಿ ಸ್ವಚ್ಛ ಸರ್ವೇಕ್ಷಣಾ– 2019 ಕಾರ್ಯಕ್ರಮಕ್ಕೆ ಗ್ರಾಮ ಪಂಚಾಯಿತಿ ವತಿಯಿಂದ ಚಾಲನೆ ನೀಡಲಾಯಿತು.
ಜಿ.ಪಂ. ಮುಖ್ಯ ಕಾರ್ಯನಿರ್ವಾಹಕ ಅಧಿಕಾರಿ ಚಾಲನೆ ನೀಡಿ ನಮ್ಮ ಸುತ್ತಮುತ್ತಲಿನ ಪರಿಸರವನ್ನು ಸ್ವಚ್ಛವಾಗಿಟ್ಟುಕೊಳ್ಳಬೇಕು. ಪ್ಲಾಸ್ಟಿಕ್ ಬಳಕೆ ನಿಷೇಧಿಸಿ ಎಂದು ತಿಳಿಸಿದರು.
ಮನೆ ಮನೆಗೆ ತೆರಳಿ ಸ್ವಚ್ಛತೆ ಕುರಿತು ಜಾಗೃತಿ ಮೂಡಿಸಲಾಯಿತು. ಶೌಚಾಲಯ ಬಳಕೆಯ ಮಹತ್ವ ತಿಳಿಸಲಾಯಿತು. ಪ್ಲಾಸ್ಟಿಕ್ ಚೀಲಗಳ ಬದಲು ಬಟ್ಟೆ ಚೀಲಗಳನ್ನು ಬಳಸುವಂತೆ ಮನವಿ ಮಾಡಲಾಯಿತು. ಗ್ರಾಮದ ಬೀದಿಗಳಲ್ಲಿ ಜಾಥಾ ನಡೆಸಲಾಯಿತು. ಶಾಲಾ ಮಕ್ಕಳು, ಶಿಕ್ಷಕರು, ಗ್ರಾಪಂ ಸದಸ್ಯರು ಹಾಗೂ ಗ್ರಾಮಸ್ಥರು ಪಾಲ್ಗೊಂಡಿದ್ದರು. ಸ್ವಚ್ಛ ಭಾರತ ಅಭಿಯಾನದಡಿ ಗ್ರಾಮವನ್ನು ಮಾದರಿ ಗ್ರಾಮವನ್ನಾಗಿ ಮಾಡುವ ಗುರಿ ಹೊಂದಲಾಗಿದೆ ಎಂದು ಪಿಡಿಒ ತಿಳಿಸಿದರು.
ಅಕ್ರಮ ವಿದ್ಯುತ್ ಸಂಪರ್ಕ ಬಗ್ಗೆ ಪ್ರಶ್ನಿಸಿದ ಲೈನ್ ಮ್ಯಾನ್ ಮೇಲೆ ಹಲ್ಲೆ
ಮಂಡ್ಯ, ಸೆ.14(ನಾಗರಾಜು)– ಅಕ್ರಮವಾಗಿ ವಿದ್ಯುತ್ ಸಂಪರ್ಕ ಪಡೆದಿರುವುದನ್ನು ಪ್ರಶ್ನಿಸಿದ ಲೈನ್‌ಮ್ಯಾನ್ ಮೇಲೆ ವ್ಯಕ್ತಿಯೊಬ್ಬ ಹಲ್ಲೆ ನಡೆಸಿರುವ ಘಟನೆ ತಾಲೂಕಿನ ಗ್ರಾಮದಲ್ಲಿ ನಡೆದಿದೆ. ಸೆಸ್ಕ್ ಲೈನ್‌ಮ್ಯಾನ್ ಹಲ್ಲೆಗೊಳಗಾದವರು. ಗ್ರಾಮದಲ್ಲಿ ವಿದ್ಯುತ್ ಕಂಬದಿಂದ ಅಕ್ರಮವಾಗಿ ಸಂಪರ್ಕ ಪಡೆದಿರುವುದನ್ನು ಪರಿಶೀಲಿಸಲು ತೆರಳಿದ್ದರು.
ವಿದ್ಯುತ್ ಸಂಪರ್ಕ ಕಡಿತಗೊಳಿಸಲು ಮುಂದಾದಾಗ ಆರೋಪಿ ಹಲ್ಲೆ ನಡೆಸಿದ್ದಾನೆ. ಗಾಯಗೊಂಡ ಲೈನ್‌ಮ್ಯಾನ್ ಅವರನ್ನು ಆಸ್ಪತ್ರೆಗೆ ದಾಖಲಿಸಲಾಗಿದೆ. ಈ ಸಂಬಂಧ ಗ್ರಾಮಾಂತರ ಪೊಲೀಸ್ ಠಾಣೆಯಲ್ಲಿ ಪ್ರಕರಣ ದಾಖಲಾಗಿದೆ. ಕರ್ತವ್ಯಕ್ಕೆ ಅಡ್ಡಿಪಡಿಸಿದ ಆರೋಪಿ ವಿರುದ್ಧ ಕ್ರಮ ಕೈಗೊಳ್ಳುವಂತೆ ಸಿಬ್ಬಂದಿ ಒತ್ತಾಯಿಸಿದ್ದಾರೆ.
